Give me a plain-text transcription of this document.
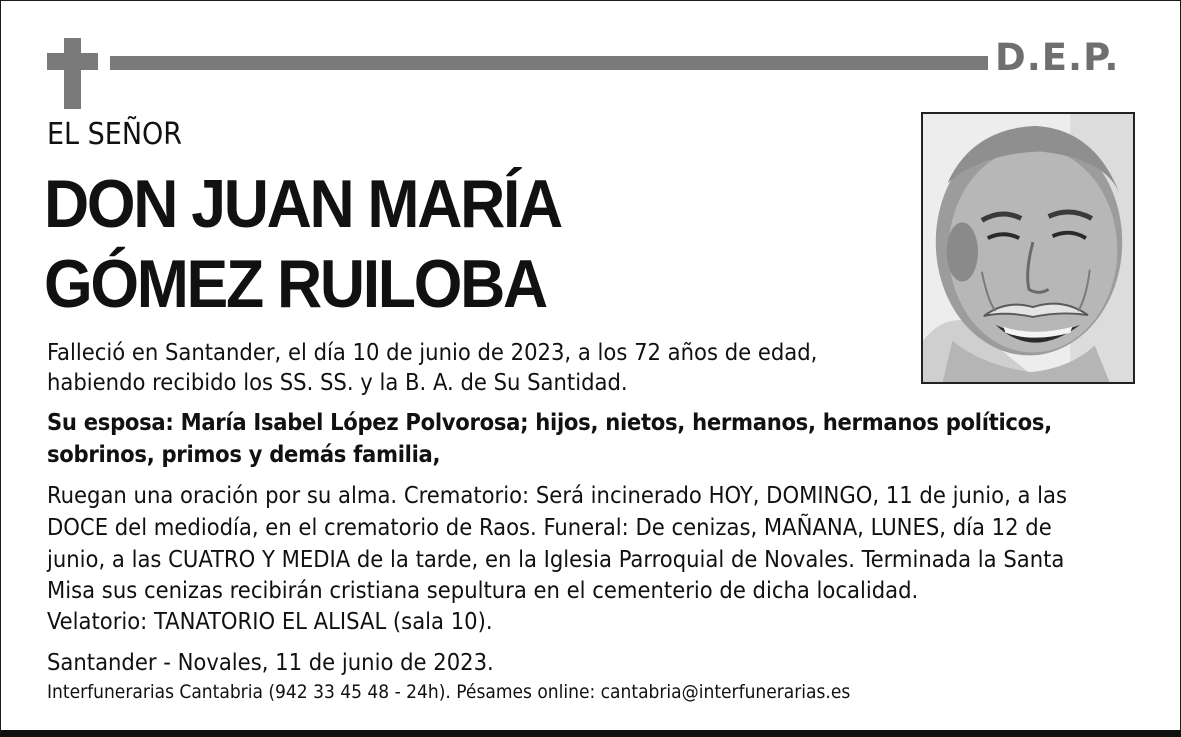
D.E.P.
EL SEÑOR
DON JUAN MARÍA
GÓMEZ RUILOBA
Falleció en Santander, el día 10 de junio de 2023, a los 72 años de edad,
habiendo recibido los SS. SS. y la B. A. de Su Santidad.
Su esposa: María Isabel López Polvorosa; hijos, nietos, hermanos, hermanos políticos,
sobrinos, primos y demás familia,
Ruegan una oración por su alma. Crematorio: Será incinerado HOY, DOMINGO, 11 de junio, a las
DOCE del mediodía, en el crematorio de Raos. Funeral: De cenizas, MAÑANA, LUNES, día 12 de
junio, a las CUATRO Y MEDIA de la tarde, en la Iglesia Parroquial de Novales. Terminada la Santa
Misa sus cenizas recibirán cristiana sepultura en el cementerio de dicha localidad.
Velatorio: TANATORIO EL ALISAL (sala 10).
Santander - Novales, 11 de junio de 2023.
Interfunerarias Cantabria (942 33 45 48 - 24h). Pésames online: cantabria@interfunerarias.es
